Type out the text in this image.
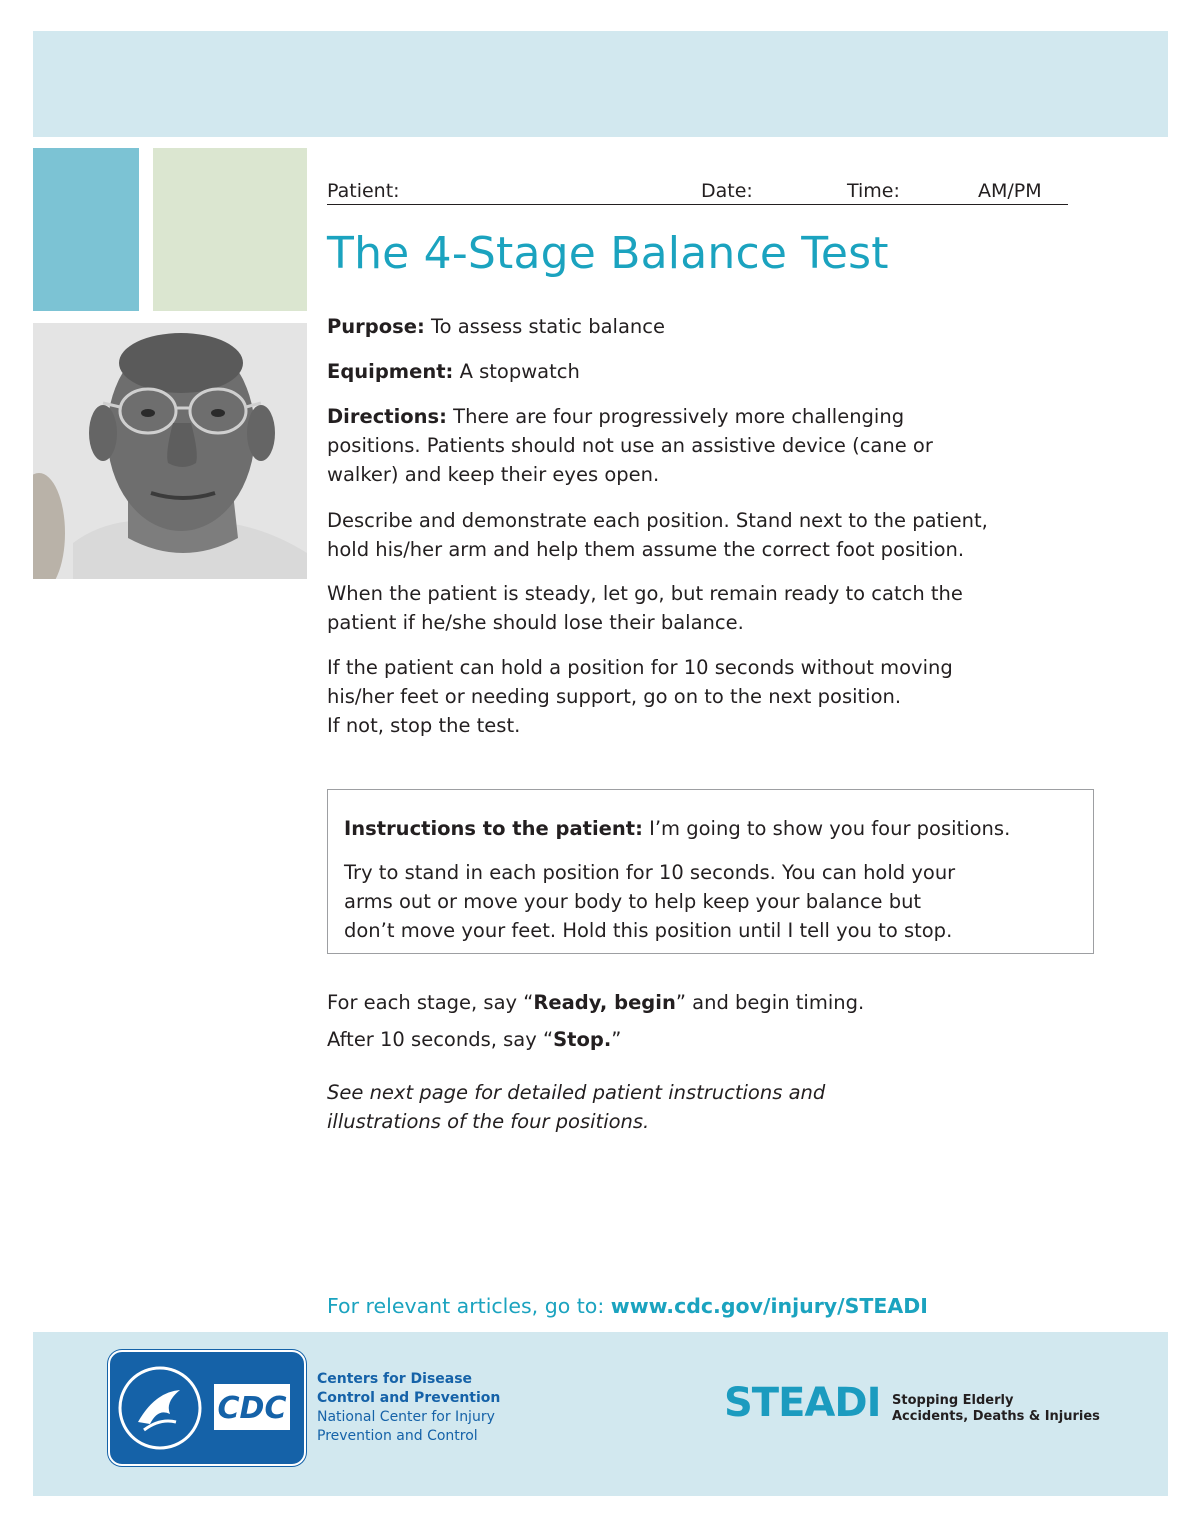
Patient:	Date:	Time:	AM/PM
The 4-Stage Balance Test

Purpose: To assess static balance

Equipment: A stopwatch

Directions: There are four progressively more challenging
positions. Patients should not use an assistive device (cane or
walker) and keep their eyes open.

Describe and demonstrate each position. Stand next to the patient,
hold his/her arm and help them assume the correct foot position.

When the patient is steady, let go, but remain ready to catch the
patient if he/she should lose their balance.

If the patient can hold a position for 10 seconds without moving
his/her feet or needing support, go on to the next position.
If not, stop the test.

Instructions to the patient: I’m going to show you four positions.

Try to stand in each position for 10 seconds. You can hold your
arms out or move your body to help keep your balance but
don’t move your feet. Hold this position until I tell you to stop.

For each stage, say “Ready, begin” and begin timing.

After 10 seconds, say “Stop.”

See next page for detailed patient instructions and
illustrations of the four positions.

For relevant articles, go to: www.cdc.gov/injury/STEADI
CDC
Centers for Disease
Control and Prevention
National Center for Injury
Prevention and Control
STEADI Stopping Elderly
Accidents, Deaths & Injuries
